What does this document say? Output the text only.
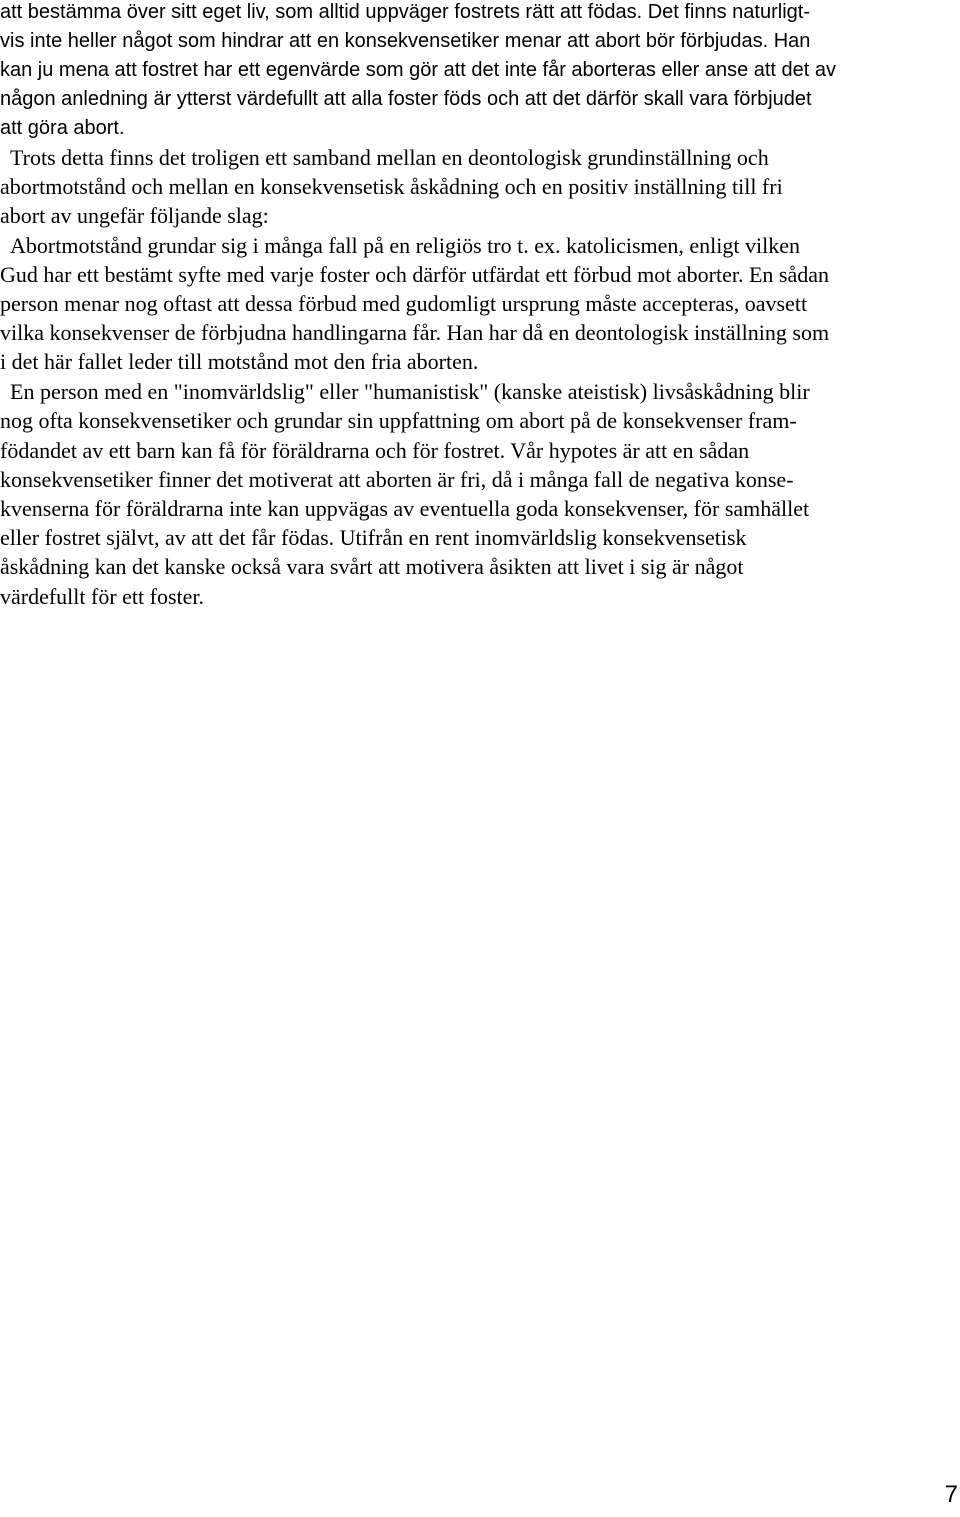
att bestämma över sitt eget liv, som alltid uppväger fostrets rätt att födas. Det finns naturligt-
vis inte heller något som hindrar att en konsekvensetiker menar att abort bör förbjudas. Han
kan ju mena att fostret har ett egenvärde som gör att det inte får aborteras eller anse att det av
någon anledning är ytterst värdefullt att alla foster föds och att det därför skall vara förbjudet
att göra abort.
Trots detta finns det troligen ett samband mellan en deontologisk grundinställning och
abortmotstånd och mellan en konsekvensetisk åskådning och en positiv inställning till fri
abort av ungefär följande slag:
Abortmotstånd grundar sig i många fall på en religiös tro t. ex. katolicismen, enligt vilken
Gud har ett bestämt syfte med varje foster och därför utfärdat ett förbud mot aborter. En sådan
person menar nog oftast att dessa förbud med gudomligt ursprung måste accepteras, oavsett
vilka konsekvenser de förbjudna handlingarna får. Han har då en deontologisk inställning som
i det här fallet leder till motstånd mot den fria aborten.
En person med en "inomvärldslig" eller "humanistisk" (kanske ateistisk) livsåskådning blir
nog ofta konsekvensetiker och grundar sin uppfattning om abort på de konsekvenser fram-
födandet av ett barn kan få för föräldrarna och för fostret. Vår hypotes är att en sådan
konsekvensetiker finner det motiverat att aborten är fri, då i många fall de negativa konse-
kvenserna för föräldrarna inte kan uppvägas av eventuella goda konsekvenser, för samhället
eller fostret självt, av att det får födas. Utifrån en rent inomvärldslig konsekvensetisk
åskådning kan det kanske också vara svårt att motivera åsikten att livet i sig är något
värdefullt för ett foster.
7
